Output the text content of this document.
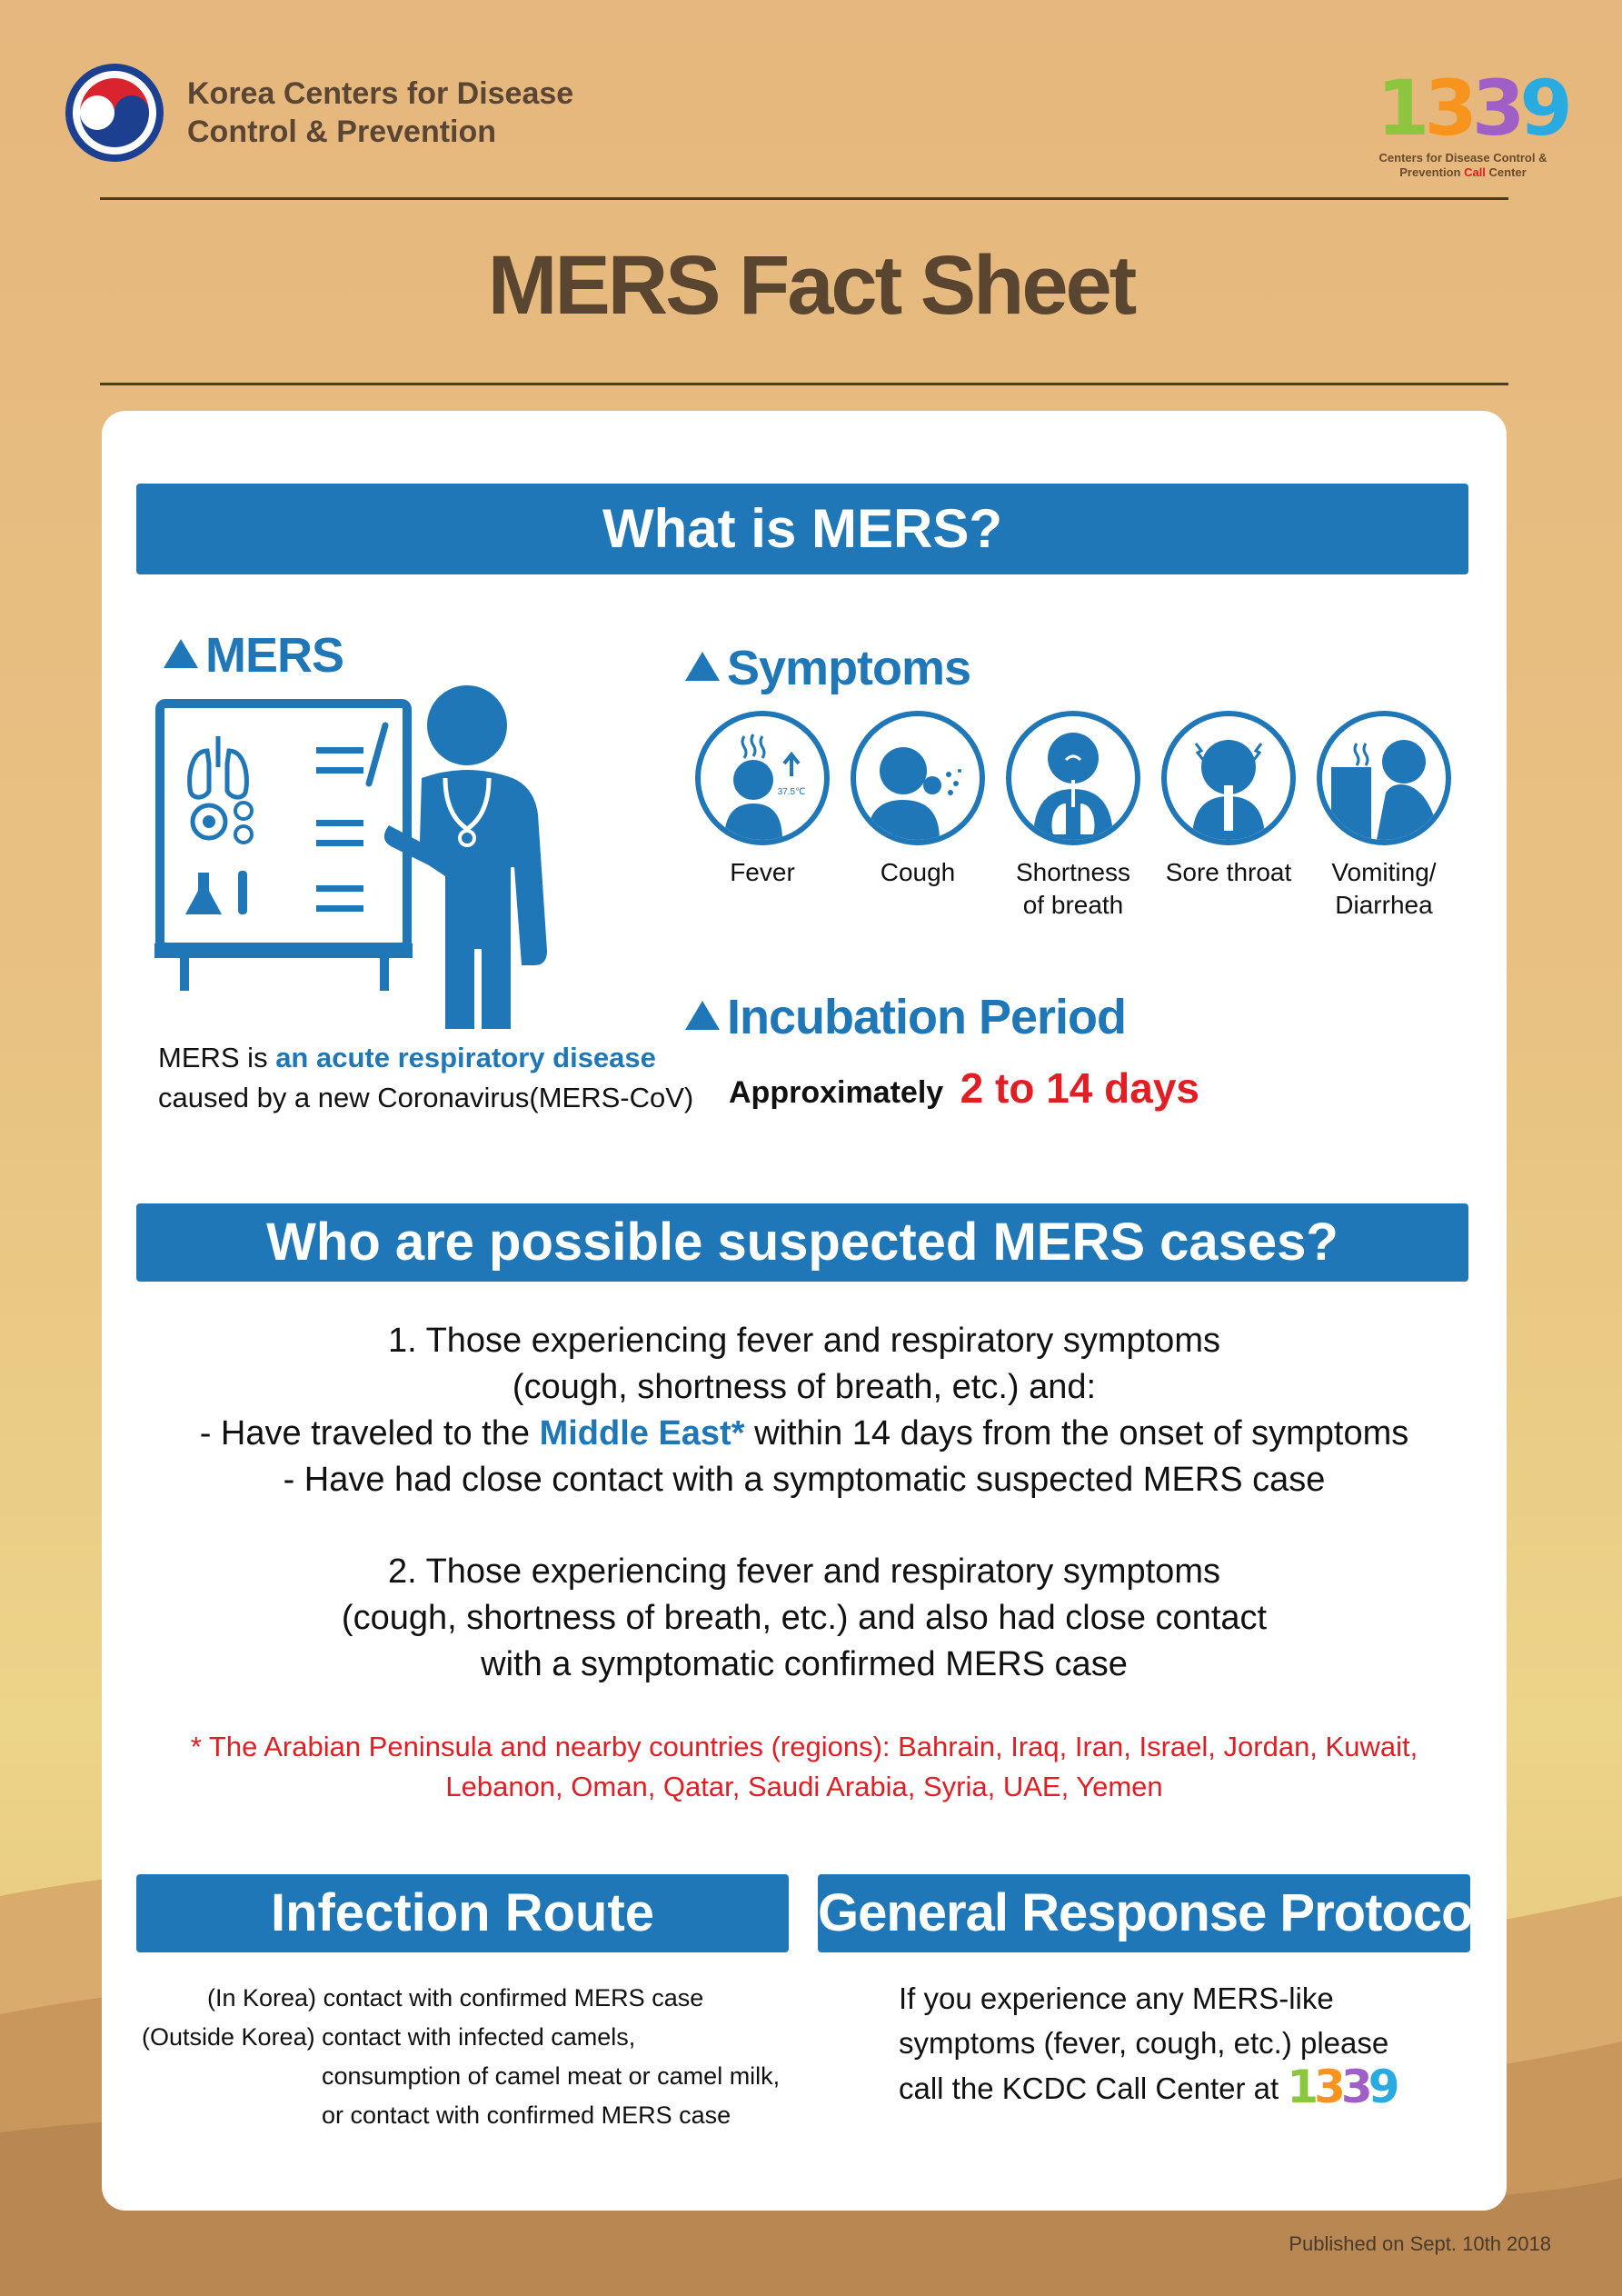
Korea Centers for Disease
Control & Prevention	1339
Centers for Disease Control &
Prevention Call Center
MERS Fact Sheet
What is MERS?
MERS
MERS is an acute respiratory disease
caused by a new Coronavirus(MERS-CoV)
Symptoms
37.5℃
Fever	Cough	Shortness
of breath
Sore throat	Vomiting/
Diarrhea
Incubation Period
Approximately 2 to 14 days
Who are possible suspected MERS cases?
1. Those experiencing fever and respiratory symptoms
(cough, shortness of breath, etc.) and:
- Have traveled to the Middle East* within 14 days from the onset of symptoms
- Have had close contact with a symptomatic suspected MERS case
2. Those experiencing fever and respiratory symptoms
(cough, shortness of breath, etc.) and also had close contact
with a symptomatic confirmed MERS case
* The Arabian Peninsula and nearby countries (regions): Bahrain, Iraq, Iran, Israel, Jordan, Kuwait,
Lebanon, Oman, Qatar, Saudi Arabia, Syria, UAE, Yemen
Infection Route
(In Korea) contact with confirmed MERS case
(Outside Korea) contact with infected camels,
consumption of camel meat or camel milk,
or contact with confirmed MERS case
General Response Protocol
If you experience any MERS-like
symptoms (fever, cough, etc.) please
call the KCDC Call Center at 1339
Published on Sept. 10th 2018
